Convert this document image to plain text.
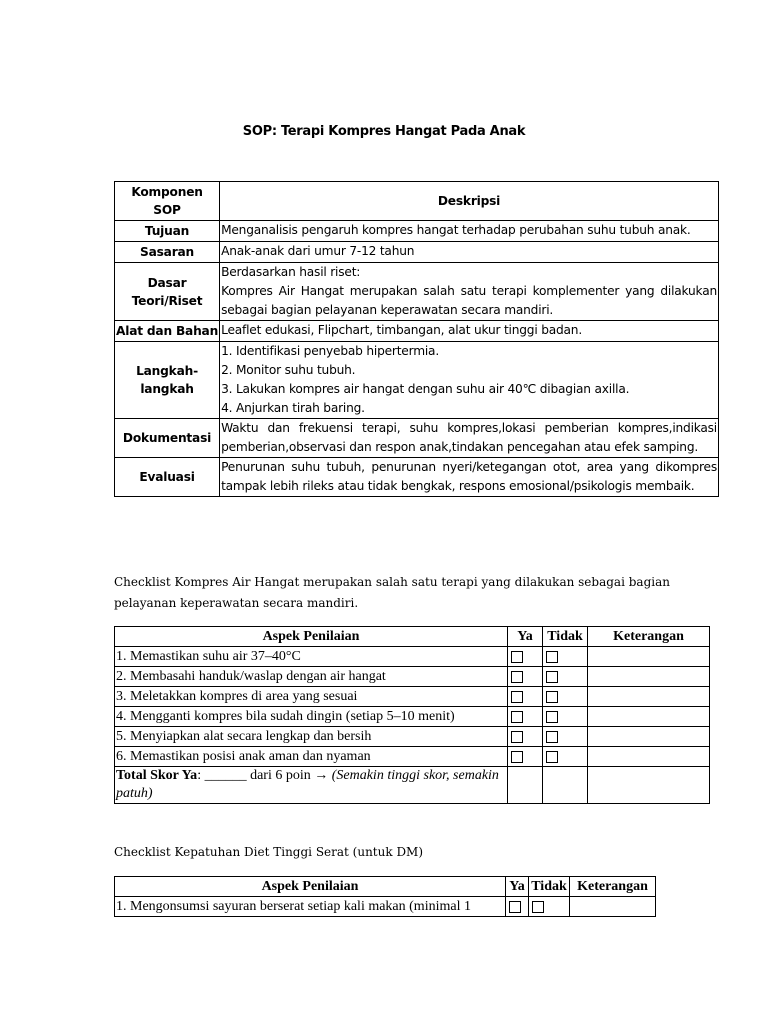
SOP: Terapi Kompres Hangat Pada Anak
Komponen SOP	Deskripsi
Tujuan	Menganalisis pengaruh kompres hangat terhadap perubahan suhu tubuh anak.
Sasaran	Anak-anak dari umur 7-12 tahun
Dasar Teori/Riset	Berdasarkan hasil riset:
Kompres Air Hangat merupakan salah satu terapi komplementer yang dilakukan sebagai bagian pelayanan keperawatan secara mandiri.

Alat dan Bahan	Leaflet edukasi, Flipchart, timbangan, alat ukur tinggi badan.
Langkah-langkah	1. Identifikasi penyebab hipertermia.
2. Monitor suhu tubuh.
3. Lakukan kompres air hangat dengan suhu air 40℃ dibagian axilla.
4. Anjurkan tirah baring.

Dokumentasi	Waktu dan frekuensi terapi, suhu kompres,lokasi pemberian kompres,indikasi pemberian,observasi dan respon anak,tindakan pencegahan atau efek samping.
Evaluasi	Penurunan suhu tubuh, penurunan nyeri/ketegangan otot, area yang dikompres tampak lebih rileks atau tidak bengkak, respons emosional/psikologis membaik.
Checklist Kompres Air Hangat merupakan salah satu terapi yang dilakukan sebagai bagian pelayanan keperawatan secara mandiri.
Aspek Penilaian	Ya	Tidak	Keterangan
1. Memastikan suhu air 37–40°C			
2. Membasahi handuk/waslap dengan air hangat			
3. Meletakkan kompres di area yang sesuai			
4. Mengganti kompres bila sudah dingin (setiap 5–10 menit)			
5. Menyiapkan alat secara lengkap dan bersih			
6. Memastikan posisi anak aman dan nyaman			
Total Skor Ya: ______ dari 6 poin → (Semakin tinggi skor, semakin patuh)			
Checklist Kepatuhan Diet Tinggi Serat (untuk DM)
Aspek Penilaian	Ya	Tidak	Keterangan
1. Mengonsumsi sayuran berserat setiap kali makan (minimal 1			
